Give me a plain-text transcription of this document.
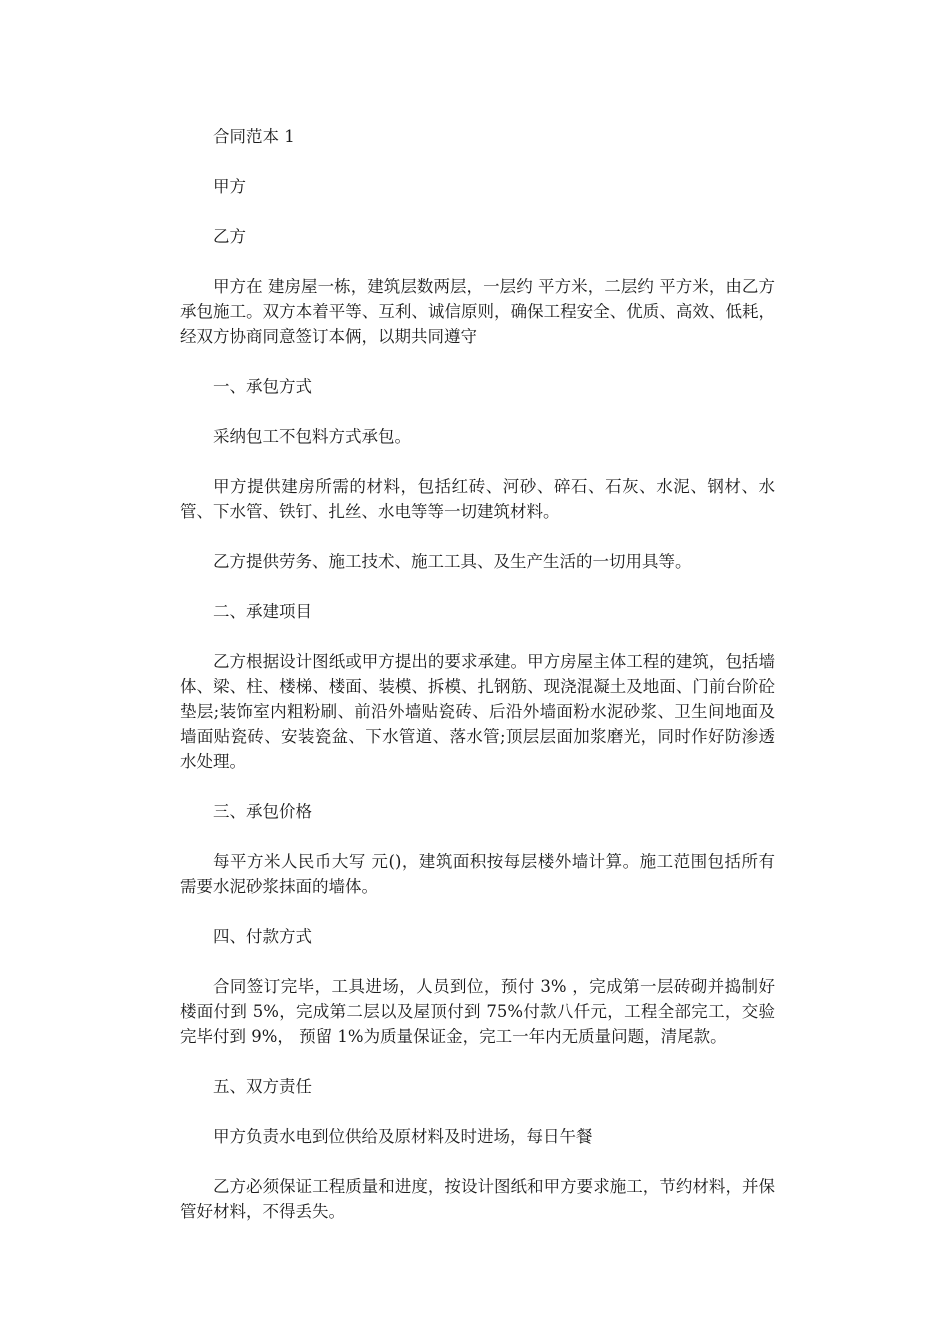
合同范本 1

甲方

乙方

甲方在 建房屋一栋，建筑层数两层，一层约 平方米，二层约 平方米，由乙方承包施工。双方本着平等、互利、诚信原则，确保工程安全、优质、高效、低耗，经双方协商同意签订本俩，以期共同遵守

一、承包方式

采纳包工不包料方式承包。

甲方提供建房所需的材料，包括红砖、河砂、碎石、石灰、水泥、钢材、水管、下水管、铁钉、扎丝、水电等等一切建筑材料。

乙方提供劳务、施工技术、施工工具、及生产生活的一切用具等。

二、承建项目

乙方根据设计图纸或甲方提出的要求承建。甲方房屋主体工程的建筑，包括墙体、梁、柱、楼梯、楼面、装模、拆模、扎钢筋、现浇混凝土及地面、门前台阶砼垫层;装饰室内粗粉刷、前沿外墙贴瓷砖、后沿外墙面粉水泥砂浆、卫生间地面及墙面贴瓷砖、安装瓷盆、下水管道、落水管;顶层层面加浆磨光，同时作好防渗透水处理。

三、承包价格

每平方米人民币大写 元()，建筑面积按每层楼外墙计算。施工范围包括所有需要水泥砂浆抹面的墙体。

四、付款方式

合同签订完毕，工具进场，人员到位，预付 3% ，完成第一层砖砌并捣制好楼面付到 5%，完成第二层以及屋顶付到 75%付款八仟元，工程全部完工，交验完毕付到 9%， 预留 1%为质量保证金，完工一年内无质量问题，清尾款。

五、双方责任

甲方负责水电到位供给及原材料及时进场，每日午餐

乙方必须保证工程质量和进度，按设计图纸和甲方要求施工，节约材料，并保管好材料，不得丢失。
